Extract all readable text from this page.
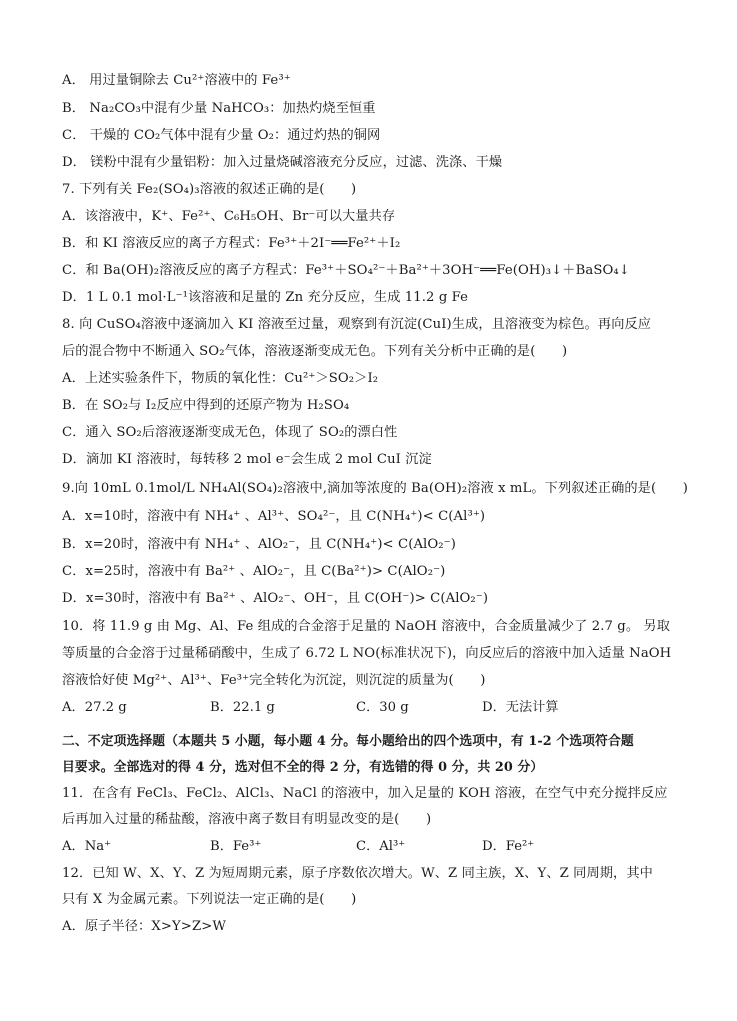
A． 用过量铜除去 Cu²⁺溶液中的 Fe³⁺
B． Na₂CO₃中混有少量 NaHCO₃：加热灼烧至恒重
C． 干燥的 CO₂气体中混有少量 O₂：通过灼热的铜网
D． 镁粉中混有少量铝粉：加入过量烧碱溶液充分反应，过滤、洗涤、干燥
7. 下列有关 Fe₂(SO₄)₃溶液的叙述正确的是(　　)
A．该溶液中，K⁺、Fe²⁺、C₆H₅OH、Br⁻可以大量共存
B．和 KI 溶液反应的离子方程式：Fe³⁺＋2I⁻══Fe²⁺＋I₂
C．和 Ba(OH)₂溶液反应的离子方程式：Fe³⁺＋SO₄²⁻＋Ba²⁺＋3OH⁻══Fe(OH)₃↓＋BaSO₄↓
D．1 L 0.1 mol·L⁻¹该溶液和足量的 Zn 充分反应，生成 11.2 g Fe
8. 向 CuSO₄溶液中逐滴加入 KI 溶液至过量，观察到有沉淀(CuI)生成，且溶液变为棕色。再向反应
后的混合物中不断通入 SO₂气体，溶液逐渐变成无色。下列有关分析中正确的是(　　)
A．上述实验条件下，物质的氧化性：Cu²⁺＞SO₂＞I₂
B．在 SO₂与 I₂反应中得到的还原产物为 H₂SO₄
C．通入 SO₂后溶液逐渐变成无色，体现了 SO₂的漂白性
D．滴加 KI 溶液时，每转移 2 mol e⁻会生成 2 mol CuI 沉淀
9.向 10mL 0.1mol/L NH₄Al(SO₄)₂溶液中,滴加等浓度的 Ba(OH)₂溶液 x mL。下列叙述正确的是(　　)
A．x=10时，溶液中有 NH₄⁺ 、Al³⁺、SO₄²⁻，且 C(NH₄⁺)< C(Al³⁺)
B．x=20时，溶液中有 NH₄⁺ 、AlO₂⁻，且 C(NH₄⁺)< C(AlO₂⁻)
C．x=25时，溶液中有 Ba²⁺ 、AlO₂⁻，且 C(Ba²⁺)> C(AlO₂⁻)
D．x=30时，溶液中有 Ba²⁺ 、AlO₂⁻、OH⁻，且 C(OH⁻)> C(AlO₂⁻)
10．将 11.9 g 由 Mg、Al、Fe 组成的合金溶于足量的 NaOH 溶液中，合金质量减少了 2.7 g。 另取
等质量的合金溶于过量稀硝酸中，生成了 6.72 L NO(标准状况下)，向反应后的溶液中加入适量 NaOH
溶液恰好使 Mg²⁺、Al³⁺、Fe³⁺完全转化为沉淀，则沉淀的质量为(　　)
A．27.2 g	B．22.1 g	C．30 g	D．无法计算
二、不定项选择题（本题共 5 小题，每小题 4 分。每小题给出的四个选项中，有 1-2 个选项符合题
目要求。全部选对的得 4 分，选对但不全的得 2 分，有选错的得 0 分，共 20 分）
11．在含有 FeCl₃、FeCl₂、AlCl₃、NaCl 的溶液中，加入足量的 KOH 溶液，在空气中充分搅拌反应
后再加入过量的稀盐酸，溶液中离子数目有明显改变的是(　　)
A．Na⁺	B．Fe³⁺	C．Al³⁺	D．Fe²⁺
12．已知 W、X、Y、Z 为短周期元素，原子序数依次增大。W、Z 同主族，X、Y、Z 同周期，其中
只有 X 为金属元素。下列说法一定正确的是(　　)
A．原子半径：X>Y>Z>W
